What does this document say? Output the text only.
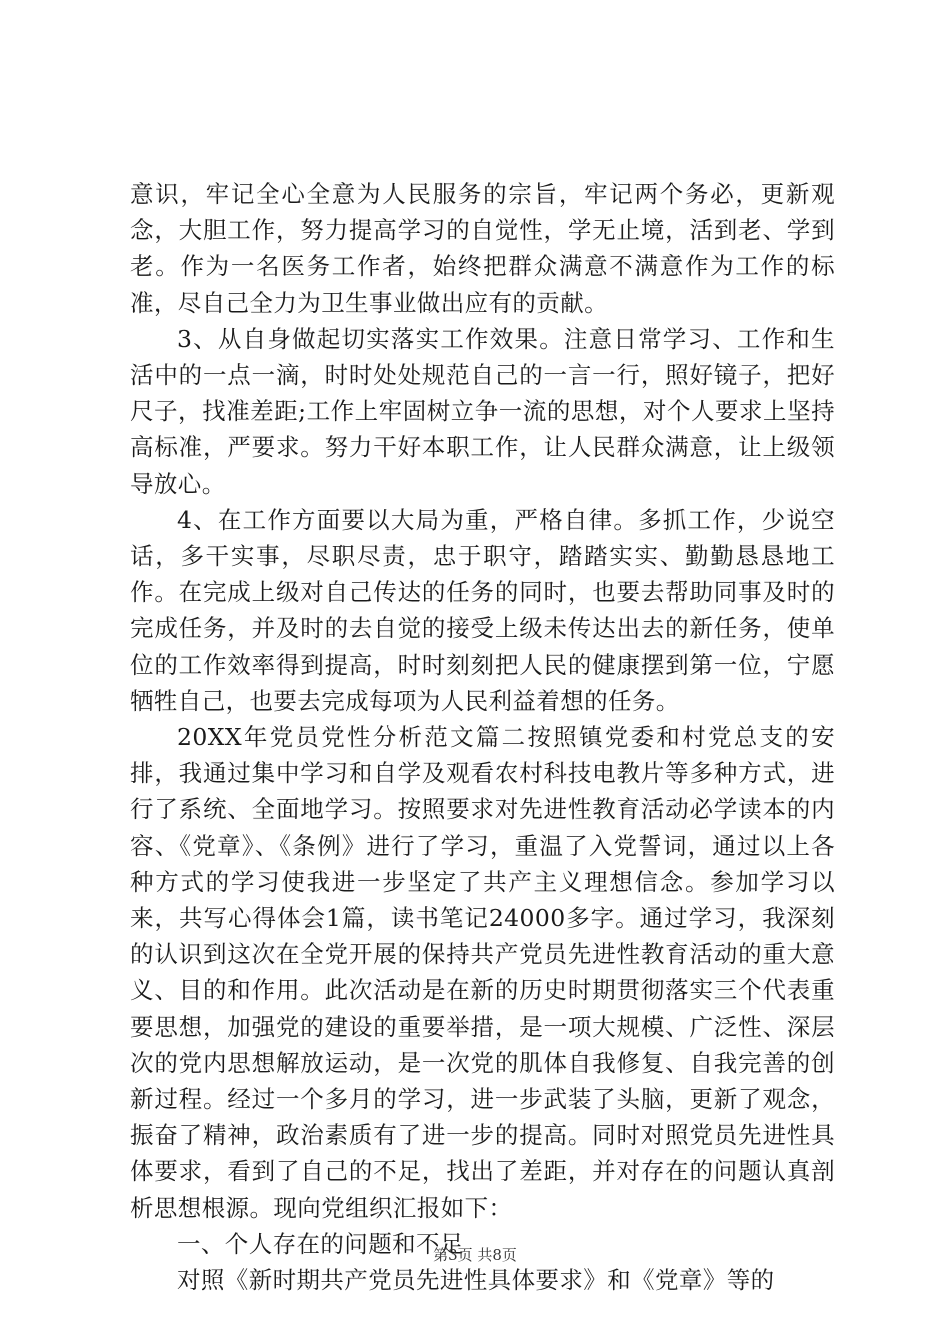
意识，牢记全心全意为人民服务的宗旨，牢记两个务必，更新观念，大胆工作，努力提高学习的自觉性，学无止境，活到老、学到老。作为一名医务工作者，始终把群众满意不满意作为工作的标准，尽自己全力为卫生事业做出应有的贡献。

3、从自身做起切实落实工作效果。注意日常学习、工作和生活中的一点一滴，时时处处规范自己的一言一行，照好镜子，把好尺子，找准差距;工作上牢固树立争一流的思想，对个人要求上坚持高标准，严要求。努力干好本职工作，让人民群众满意，让上级领导放心。

4、在工作方面要以大局为重，严格自律。多抓工作，少说空话，多干实事，尽职尽责，忠于职守，踏踏实实、勤勤恳恳地工作。在完成上级对自己传达的任务的同时，也要去帮助同事及时的完成任务，并及时的去自觉的接受上级未传达出去的新任务，使单位的工作效率得到提高，时时刻刻把人民的健康摆到第一位，宁愿牺牲自己，也要去完成每项为人民利益着想的任务。

20XX年党员党性分析范文篇二按照镇党委和村党总支的安排，我通过集中学习和自学及观看农村科技电教片等多种方式，进行了系统、全面地学习。按照要求对先进性教育活动必学读本的内容、《党章》、《条例》进行了学习，重温了入党誓词，通过以上各种方式的学习使我进一步坚定了共产主义理想信念。参加学习以来，共写心得体会1篇，读书笔记24000多字。通过学习，我深刻的认识到这次在全党开展的保持共产党员先进性教育活动的重大意义、目的和作用。此次活动是在新的历史时期贯彻落实三个代表重要思想，加强党的建设的重要举措，是一项大规模、广泛性、深层次的党内思想解放运动，是一次党的肌体自我修复、自我完善的创新过程。经过一个多月的学习，进一步武装了头脑，更新了观念，振奋了精神，政治素质有了进一步的提高。同时对照党员先进性具体要求，看到了自己的不足，找出了差距，并对存在的问题认真剖析思想根源。现向党组织汇报如下：

一、个人存在的问题和不足

对照《新时期共产党员先进性具体要求》和《党章》等的

第3页 共8页
